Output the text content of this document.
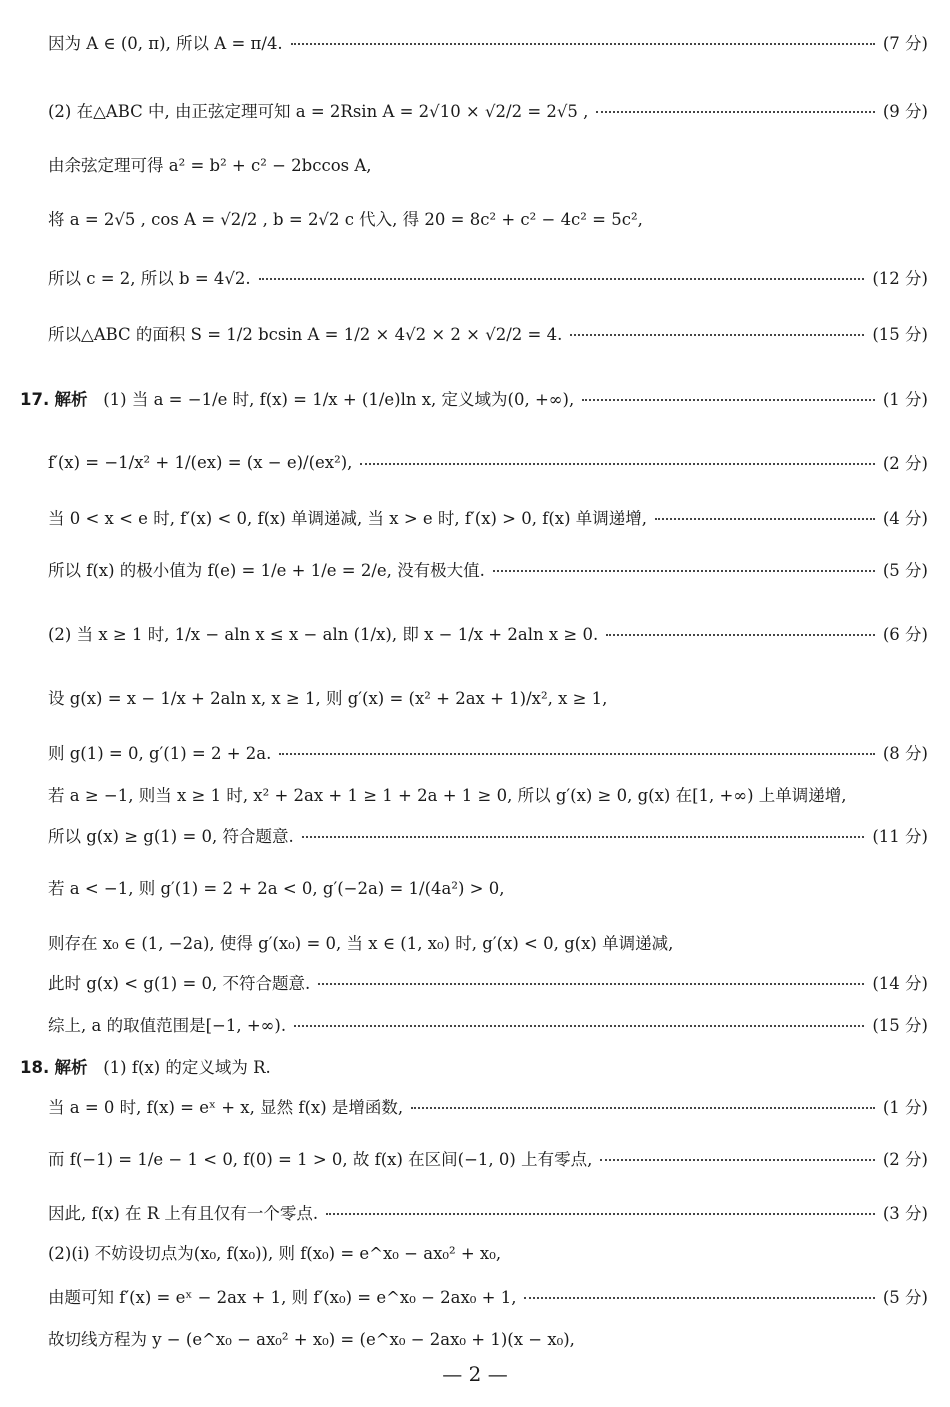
因为 A ∈ (0, π), 所以 A = π/4.	(7 分)
(2) 在△ABC 中, 由正弦定理可知 a = 2Rsin A = 2√10 × √2/2 = 2√5 ,	(9 分)
由余弦定理可得 a² = b² + c² − 2bccos A,
将 a = 2√5 , cos A = √2/2 , b = 2√2 c 代入, 得 20 = 8c² + c² − 4c² = 5c²,
所以 c = 2, 所以 b = 4√2.	(12 分)
所以△ABC 的面积 S = 1/2 bcsin A = 1/2 × 4√2 × 2 × √2/2 = 4.	(15 分)
17. 解析 (1) 当 a = −1/e 时, f(x) = 1/x + (1/e)ln x, 定义域为(0, +∞),	(1 分)
f′(x) = −1/x² + 1/(ex) = (x − e)/(ex²),	(2 分)
当 0 < x < e 时, f′(x) < 0, f(x) 单调递减, 当 x > e 时, f′(x) > 0, f(x) 单调递增,	(4 分)
所以 f(x) 的极小值为 f(e) = 1/e + 1/e = 2/e, 没有极大值.	(5 分)
(2) 当 x ≥ 1 时, 1/x − aln x ≤ x − aln (1/x), 即 x − 1/x + 2aln x ≥ 0.	(6 分)
设 g(x) = x − 1/x + 2aln x, x ≥ 1, 则 g′(x) = (x² + 2ax + 1)/x², x ≥ 1,
则 g(1) = 0, g′(1) = 2 + 2a.	(8 分)
若 a ≥ −1, 则当 x ≥ 1 时, x² + 2ax + 1 ≥ 1 + 2a + 1 ≥ 0, 所以 g′(x) ≥ 0, g(x) 在[1, +∞) 上单调递增,
所以 g(x) ≥ g(1) = 0, 符合题意.	(11 分)
若 a < −1, 则 g′(1) = 2 + 2a < 0, g′(−2a) = 1/(4a²) > 0,
则存在 x₀ ∈ (1, −2a), 使得 g′(x₀) = 0, 当 x ∈ (1, x₀) 时, g′(x) < 0, g(x) 单调递减,
此时 g(x) < g(1) = 0, 不符合题意.	(14 分)
综上, a 的取值范围是[−1, +∞).	(15 分)
18. 解析 (1) f(x) 的定义域为 R.
当 a = 0 时, f(x) = eˣ + x, 显然 f(x) 是增函数,	(1 分)
而 f(−1) = 1/e − 1 < 0, f(0) = 1 > 0, 故 f(x) 在区间(−1, 0) 上有零点,	(2 分)
因此, f(x) 在 R 上有且仅有一个零点.	(3 分)
(2)(ⅰ) 不妨设切点为(x₀, f(x₀)), 则 f(x₀) = e^x₀ − ax₀² + x₀,
由题可知 f′(x) = eˣ − 2ax + 1, 则 f′(x₀) = e^x₀ − 2ax₀ + 1,	(5 分)
故切线方程为 y − (e^x₀ − ax₀² + x₀) = (e^x₀ − 2ax₀ + 1)(x − x₀),
— 2 —
